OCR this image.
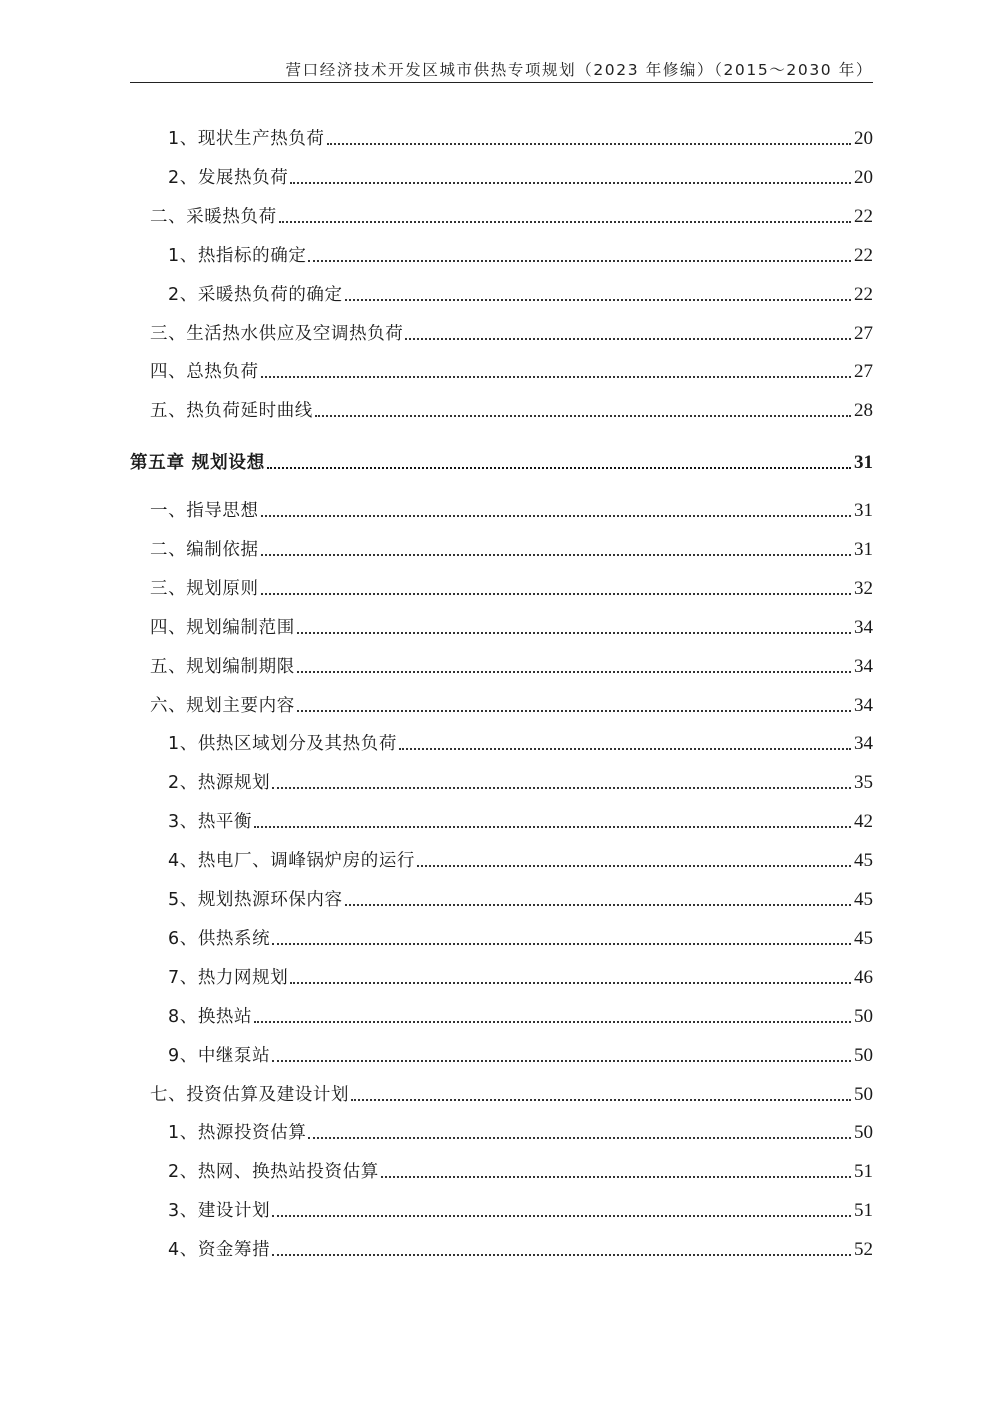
营口经济技术开发区城市供热专项规划（2023 年修编）（2015～2030 年）
1、现状生产热负荷	20
2、发展热负荷	20
二、采暖热负荷	22
1、热指标的确定	22
2、采暖热负荷的确定	22
三、生活热水供应及空调热负荷	27
四、总热负荷	27
五、热负荷延时曲线	28
第五章 规划设想	31
一、指导思想	31
二、编制依据	31
三、规划原则	32
四、规划编制范围	34
五、规划编制期限	34
六、规划主要内容	34
1、供热区域划分及其热负荷	34
2、热源规划	35
3、热平衡	42
4、热电厂、调峰锅炉房的运行	45
5、规划热源环保内容	45
6、供热系统	45
7、热力网规划	46
8、换热站	50
9、中继泵站	50
七、投资估算及建设计划	50
1、热源投资估算	50
2、热网、换热站投资估算	51
3、建设计划	51
4、资金筹措	52
